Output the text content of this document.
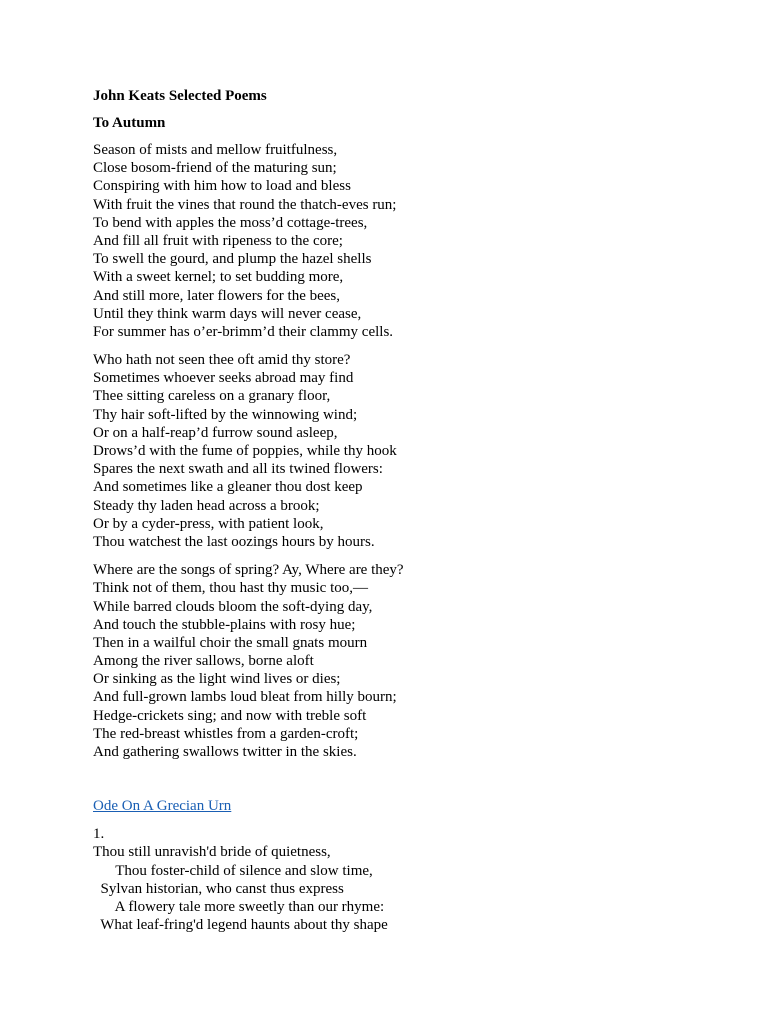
John Keats Selected Poems
To Autumn
Season of mists and mellow fruitfulness,
Close bosom-friend of the maturing sun;
Conspiring with him how to load and bless
With fruit the vines that round the thatch-eves run;
To bend with apples the moss’d cottage-trees,
And fill all fruit with ripeness to the core;
To swell the gourd, and plump the hazel shells
With a sweet kernel; to set budding more,
And still more, later flowers for the bees,
Until they think warm days will never cease,
For summer has o’er-brimm’d their clammy cells.
Who hath not seen thee oft amid thy store?
Sometimes whoever seeks abroad may find
Thee sitting careless on a granary floor,
Thy hair soft-lifted by the winnowing wind;
Or on a half-reap’d furrow sound asleep,
Drows’d with the fume of poppies, while thy hook
Spares the next swath and all its twined flowers:
And sometimes like a gleaner thou dost keep
Steady thy laden head across a brook;
Or by a cyder-press, with patient look,
Thou watchest the last oozings hours by hours.
Where are the songs of spring? Ay, Where are they?
Think not of them, thou hast thy music too,—
While barred clouds bloom the soft-dying day,
And touch the stubble-plains with rosy hue;
Then in a wailful choir the small gnats mourn
Among the river sallows, borne aloft
Or sinking as the light wind lives or dies;
And full-grown lambs loud bleat from hilly bourn;
Hedge-crickets sing; and now with treble soft
The red-breast whistles from a garden-croft;
And gathering swallows twitter in the skies.
Ode On A Grecian Urn
1.
Thou still unravish'd bride of quietness,
Thou foster-child of silence and slow time,
Sylvan historian, who canst thus express
A flowery tale more sweetly than our rhyme:
What leaf-fring'd legend haunts about thy shape
